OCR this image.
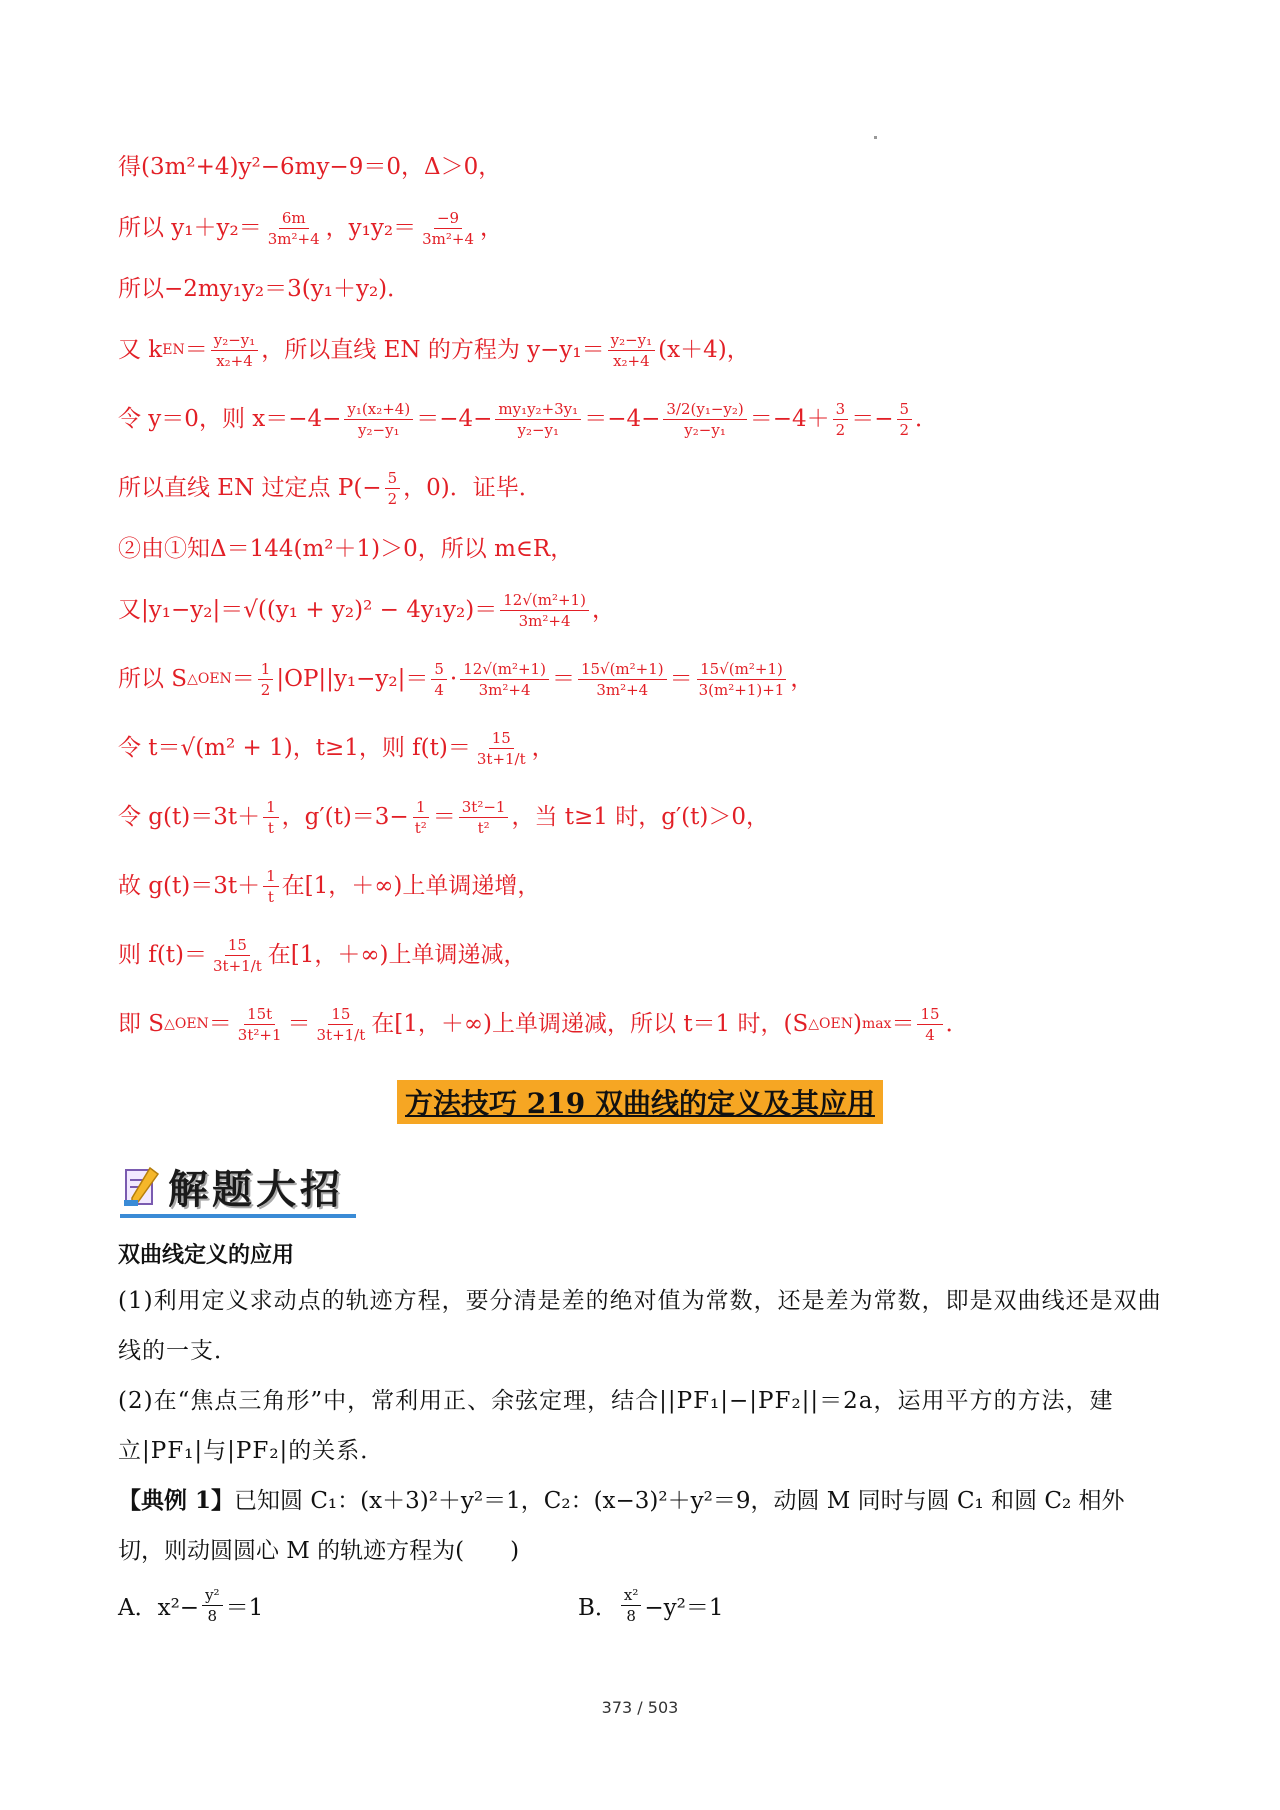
得(3m²+4)y²−6my−9＝0，Δ＞0，
所以 $y_1+y_2= \frac{6m}{\text{3m²+4}}$ ，$y_1y_2= \frac{-9}{\text{3m²+4}}$ ，
所以−2my₁y₂＝3(y₁＋y₂)．
又 k EN ＝ $\frac{\text{y₂−y₁}}{\text{x₂+4}}$ ，所以直线 EN 的方程为 $y-y_1= \frac{\text{y₂−y₁}}{\text{x₂+4}} (x+4)$，
令 y＝0，则 $x=-4- \frac{\text{y₁(x₂+4)}}{\text{y₂−y₁}} =-4- \frac{\text{my₁y₂+3y₁}}{\text{y₂−y₁}} =-4- \frac{\text{3/2(y₁−y₂)}}{\text{y₂−y₁}} =-4+ \frac{3}{2} =- \frac{5}{2}$ ．
所以直线 EN 过定点 $P(- \frac{5}{2}$ ，0)．证毕．
②由①知Δ＝144(m²＋1)＞0，所以 m∈R，
又$|y_1-y_2|=√((y_1 + y_2)^2 - 4y_1y_2)= \frac{\text{12√(m²+1)}}{\text{3m²+4}}$ ，
所以 S △OEN ＝ $\frac{1}{2} |OP||y_1-y_2|= \frac{5}{4} \cdot \frac{\text{12√(m²+1)}}{\text{3m²+4}} = \frac{\text{15√(m²+1)}}{\text{3m²+4}} = \frac{\text{15√(m²+1)}}{\text{3(m²+1)+1}}$ ，
令 t＝√(m² + 1)，t≥1，则 $f(t)= \frac{15}{3t+1/t}$ ，
令 $g(t)=3t+ \frac{1}{t}$ ，$g'(t)=3- \frac{1}{\text{t²}} = \frac{\text{3t²−1}}{\text{t²}}$ ，当 t≥1 时，g′(t)＞0，
故 $g(t)=3t+ \frac{1}{t}$ 在[1，＋∞)上单调递增，
则 $f(t)= \frac{15}{3t+1/t}$ 在[1，＋∞)上单调递减，
即 S △OEN ＝ $\frac{15t}{\text{3t²+1}} = \frac{15}{3t+1/t}$ 在[1，＋∞)上单调递减，所以 t＝1 时，(S △OEN ) $\max = \frac{15}{4}$ ．
方法技巧 219 双曲线的定义及其应用
解题大招
双曲线定义的应用
(1)利用定义求动点的轨迹方程，要分清是差的绝对值为常数，还是差为常数，即是双曲线还是双曲线的一支．
(2)在“焦点三角形”中，常利用正、余弦定理，结合||PF₁|−|PF₂||＝2a，运用平方的方法，建立|PF₁|与|PF₂|的关系．
【典例 1】已知圆 C₁：(x＋3)²＋y²＝1，C₂：(x−3)²＋y²＝9，动圆 M 同时与圆 C₁ 和圆 C₂ 相外切，则动圆圆心 M 的轨迹方程为(　　)
A．$x^2- \frac{\text{y²}}{8} =1$	B． $\frac{\text{x²}}{8} -y^2=1$
373 / 503
